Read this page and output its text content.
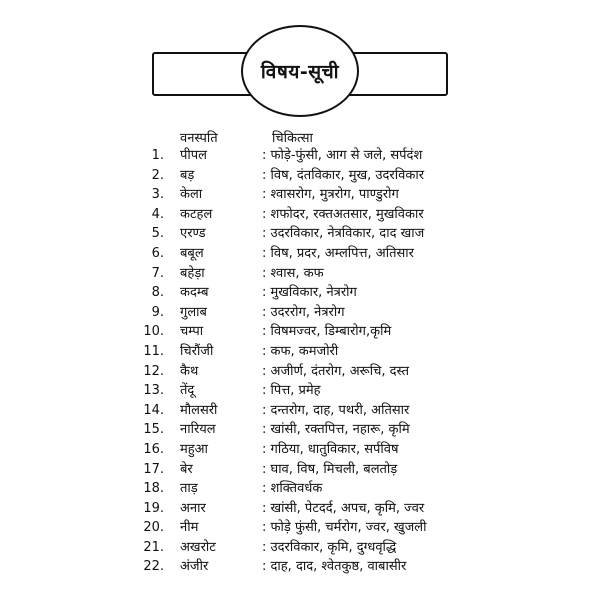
विषय-सूची
वनस्पति	चिकित्सा
1. पीपल	: फोड़े-फुंसी, आग से जले, सर्पदंश
2. बड़	: विष, दंतविकार, मुख, उदरविकार
3. केला	: श्वासरोग, मुत्ररोग, पाण्डुरोग
4. कटहल	: शफोदर, रक्तअतसार, मुखविकार
5. एरण्ड	: उदरविकार, नेत्रविकार, दाद खाज
6. बबूल	: विष, प्रदर, अम्लपित्त, अतिसार
7. बहेड़ा	: श्वास, कफ
8. कदम्ब	: मुखविकार, नेत्ररोग
9. गुलाब	: उदररोग, नेत्ररोग
10. चम्पा	: विषमज्वर, डिम्बारोग,कृमि
11. चिरौंजी	: कफ, कमजोरी
12. कैथ	: अजीर्ण, दंतरोग, अरूचि, दस्त
13. तेंदू	: पित्त, प्रमेह
14. मौलसरी	: दन्तरोग, दाह, पथरी, अतिसार
15. नारियल	: खांसी, रक्तपित्त, नहारू, कृमि
16. महुआ	: गठिया, धातुविकार, सर्पविष
17. बेर	: घाव, विष, मिचली, बलतोड़
18. ताड़	: शक्तिवर्धक
19. अनार	: खांसी, पेटदर्द, अपच, कृमि, ज्वर
20. नीम	: फोड़े फुंसी, चर्मरोग, ज्वर, खुजली
21. अखरोट	: उदरविकार, कृमि, दुग्धवृद्धि
22. अंजीर	: दाह, दाद, श्वेतकुष्ठ, वाबासीर
